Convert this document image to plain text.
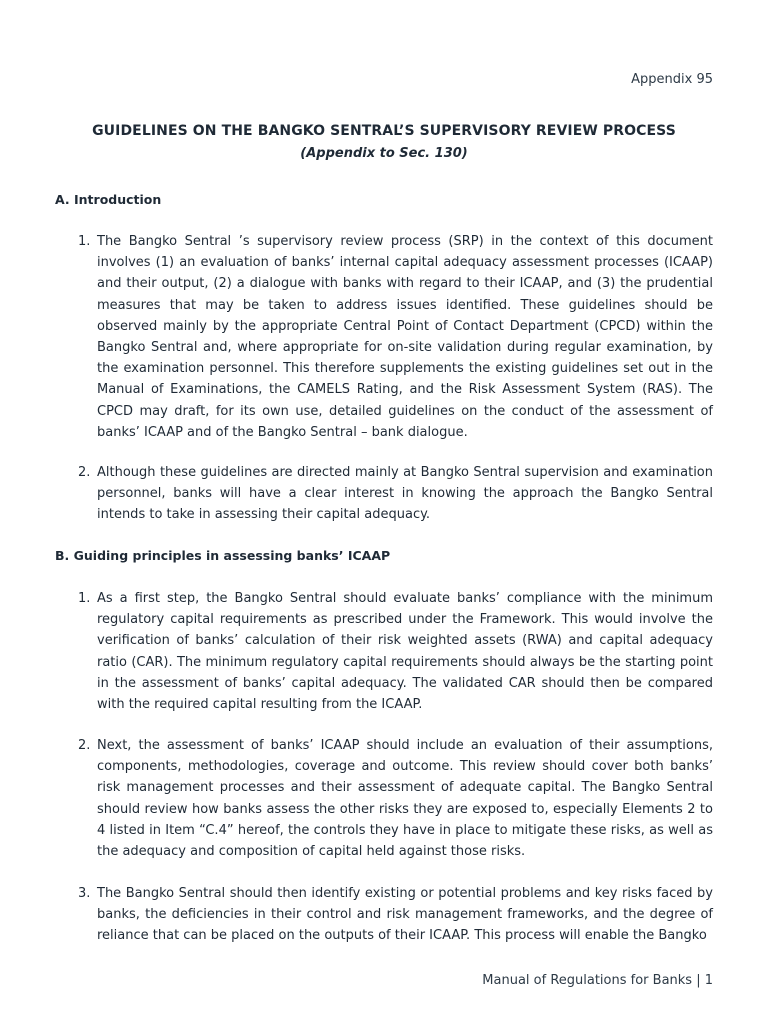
Appendix 95
GUIDELINES ON THE BANGKO SENTRAL’S SUPERVISORY REVIEW PROCESS
(Appendix to Sec. 130)
A. Introduction
1. The Bangko Sentral ’s supervisory review process (SRP) in the context of this document involves (1) an evaluation of banks’ internal capital adequacy assessment processes (ICAAP) and their output, (2) a dialogue with banks with regard to their ICAAP, and (3) the prudential measures that may be taken to address issues identified. These guidelines should be observed mainly by the appropriate Central Point of Contact Department (CPCD) within the Bangko Sentral and, where appropriate for on-site validation during regular examination, by the examination personnel. This therefore supplements the existing guidelines set out in the Manual of Examinations, the CAMELS Rating, and the Risk Assessment System (RAS). The CPCD may draft, for its own use, detailed guidelines on the conduct of the assessment of banks’ ICAAP and of the Bangko Sentral – bank dialogue.
2. Although these guidelines are directed mainly at Bangko Sentral supervision and examination personnel, banks will have a clear interest in knowing the approach the Bangko Sentral intends to take in assessing their capital adequacy.
B. Guiding principles in assessing banks’ ICAAP
1. As a first step, the Bangko Sentral should evaluate banks’ compliance with the minimum regulatory capital requirements as prescribed under the Framework. This would involve the verification of banks’ calculation of their risk weighted assets (RWA) and capital adequacy ratio (CAR). The minimum regulatory capital requirements should always be the starting point in the assessment of banks’ capital adequacy. The validated CAR should then be compared with the required capital resulting from the ICAAP.
2. Next, the assessment of banks’ ICAAP should include an evaluation of their assumptions, components, methodologies, coverage and outcome. This review should cover both banks’ risk management processes and their assessment of adequate capital. The Bangko Sentral should review how banks assess the other risks they are exposed to, especially Elements 2 to 4 listed in Item “C.4” hereof, the controls they have in place to mitigate these risks, as well as the adequacy and composition of capital held against those risks.
3. The Bangko Sentral should then identify existing or potential problems and key risks faced by banks, the deficiencies in their control and risk management frameworks, and the degree of reliance that can be placed on the outputs of their ICAAP. This process will enable the Bangko
Manual of Regulations for Banks | 1
